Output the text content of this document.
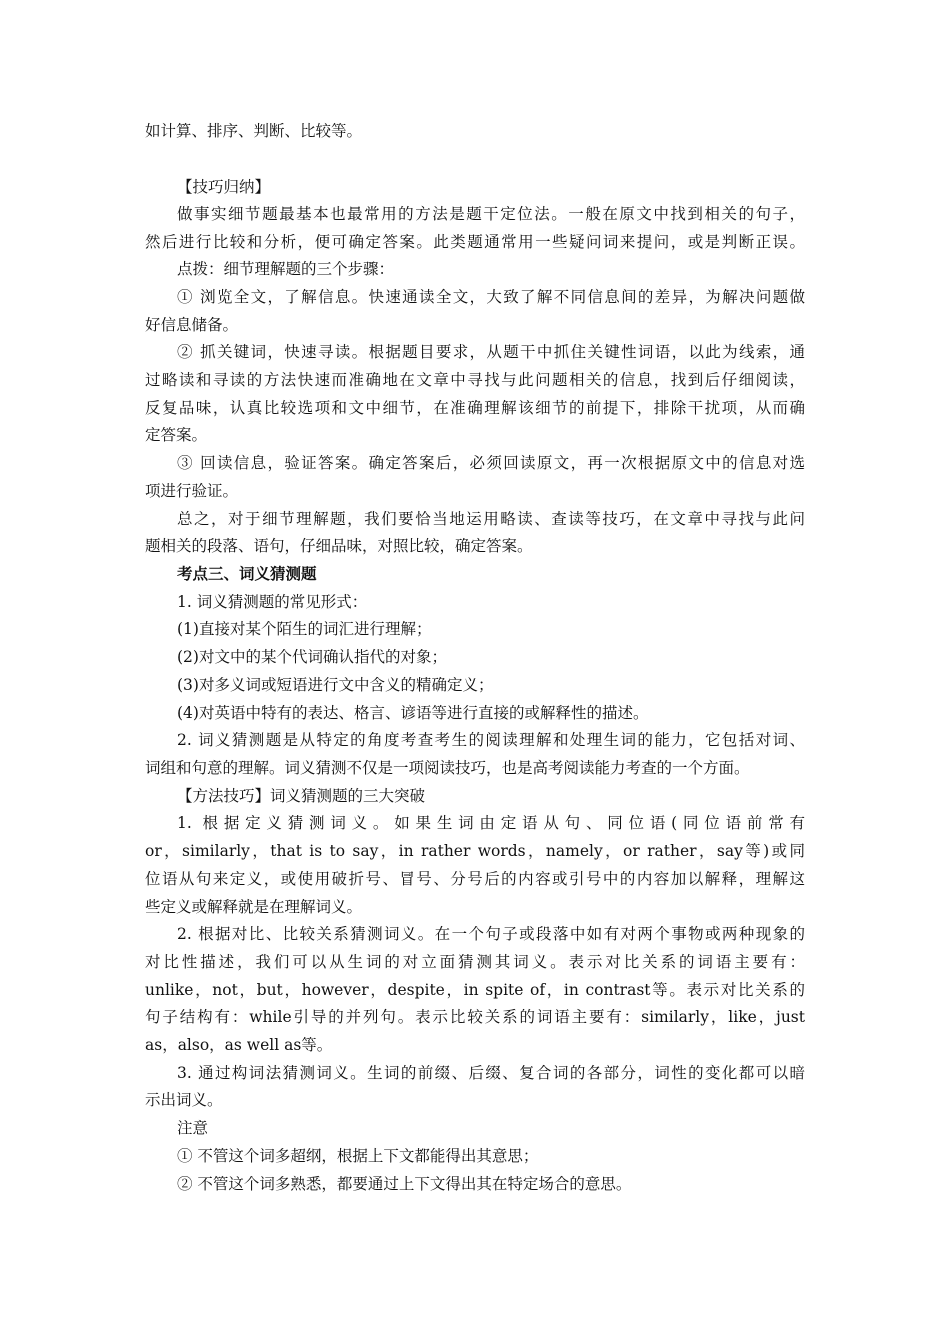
如计算、排序、判断、比较等。
【技巧归纳】
做事实细节题最基本也最常用的方法是题干定位法。一般在原文中找到相关的句子，
然后进行比较和分析，便可确定答案。此类题通常用一些疑问词来提问，或是判断正误。
点拨：细节理解题的三个步骤：
① 浏览全文，了解信息。快速通读全文，大致了解不同信息间的差异，为解决问题做
好信息储备。
② 抓关键词，快速寻读。根据题目要求，从题干中抓住关键性词语，以此为线索，通
过略读和寻读的方法快速而准确地在文章中寻找与此问题相关的信息，找到后仔细阅读，
反复品味，认真比较选项和文中细节，在准确理解该细节的前提下，排除干扰项，从而确
定答案。
③ 回读信息，验证答案。确定答案后，必须回读原文，再一次根据原文中的信息对选
项进行验证。
总之，对于细节理解题，我们要恰当地运用略读、查读等技巧，在文章中寻找与此问
题相关的段落、语句，仔细品味，对照比较，确定答案。
考点三、词义猜测题
1. 词义猜测题的常见形式：
(1)直接对某个陌生的词汇进行理解；
(2)对文中的某个代词确认指代的对象；
(3)对多义词或短语进行文中含义的精确定义；
(4)对英语中特有的表达、格言、谚语等进行直接的或解释性的描述。
2. 词义猜测题是从特定的角度考查考生的阅读理解和处理生词的能力，它包括对词、
词组和句意的理解。词义猜测不仅是一项阅读技巧，也是高考阅读能力考查的一个方面。
【方法技巧】词义猜测题的三大突破
1. 根据定义猜测词义。如果生词由定语从句、同位语(同位语前常有
or，similarly，that is to say，in rather words，namely，or rather，say等)或同
位语从句来定义，或使用破折号、冒号、分号后的内容或引号中的内容加以解释，理解这
些定义或解释就是在理解词义。
2. 根据对比、比较关系猜测词义。在一个句子或段落中如有对两个事物或两种现象的
对比性描述，我们可以从生词的对立面猜测其词义。表示对比关系的词语主要有：
unlike，not，but，however，despite，in spite of，in contrast等。表示对比关系的
句子结构有：while引导的并列句。表示比较关系的词语主要有：similarly，like，just
as，also，as well as等。
3. 通过构词法猜测词义。生词的前缀、后缀、复合词的各部分，词性的变化都可以暗
示出词义。
注意
① 不管这个词多超纲，根据上下文都能得出其意思；
② 不管这个词多熟悉，都要通过上下文得出其在特定场合的意思。
